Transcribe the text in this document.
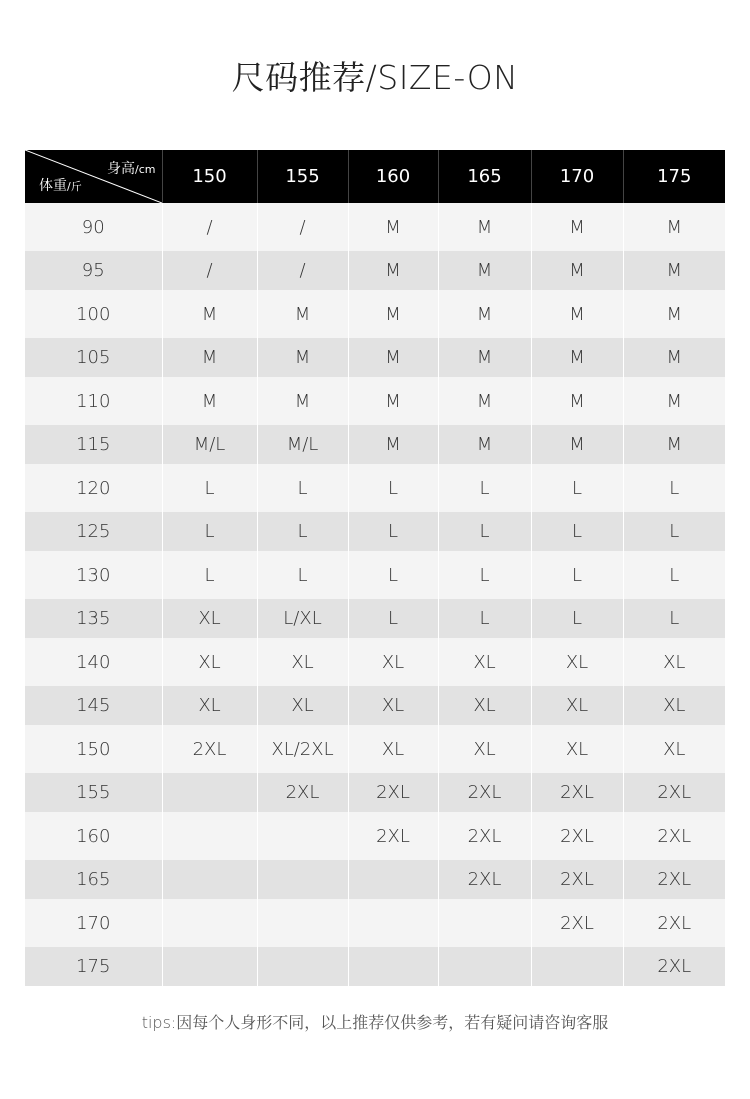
尺码推荐/SIZE-ON
身高/cm
体重/斤	150	155	160	165	170	175
90	/	/	M	M	M	M
95	/	/	M	M	M	M
100	M	M	M	M	M	M
105	M	M	M	M	M	M
110	M	M	M	M	M	M
115	M/L	M/L	M	M	M	M
120	L	L	L	L	L	L
125	L	L	L	L	L	L
130	L	L	L	L	L	L
135	XL	L/XL	L	L	L	L
140	XL	XL	XL	XL	XL	XL
145	XL	XL	XL	XL	XL	XL
150	2XL	XL/2XL	XL	XL	XL	XL
155		2XL	2XL	2XL	2XL	2XL
160			2XL	2XL	2XL	2XL
165				2XL	2XL	2XL
170					2XL	2XL
175						2XL
tips:因每个人身形不同，以上推荐仅供参考，若有疑问请咨询客服
